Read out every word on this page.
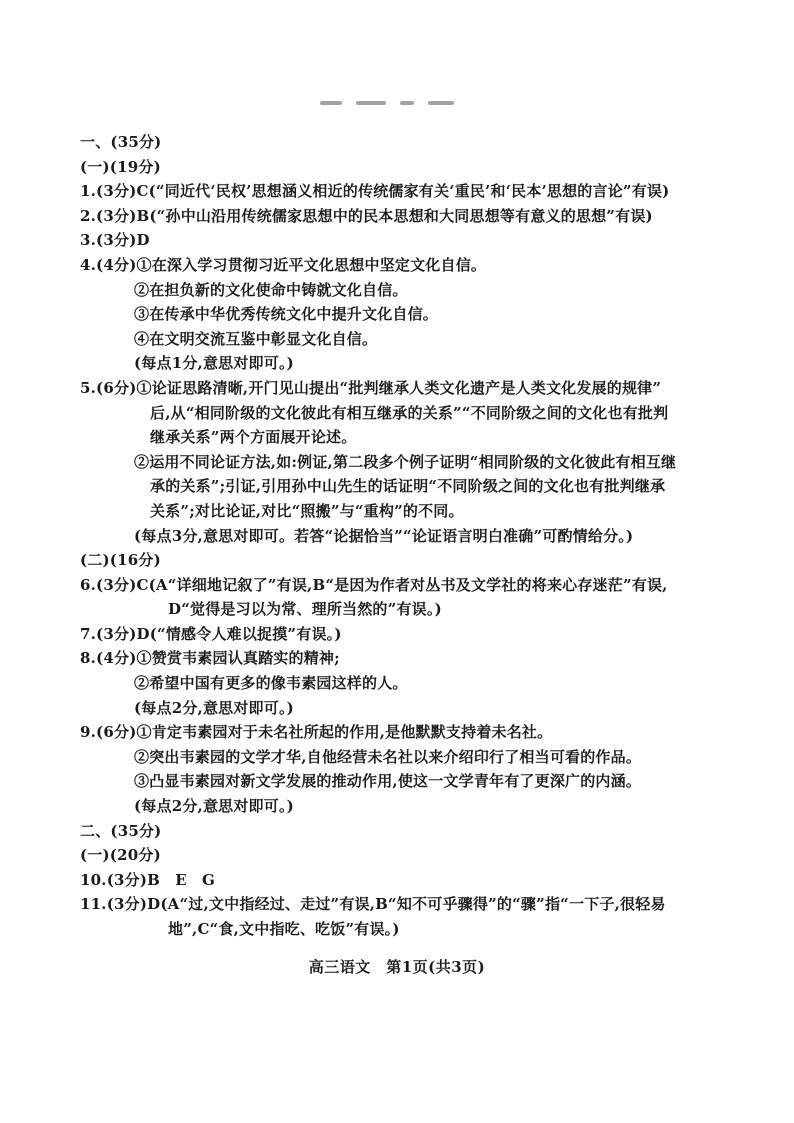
一、(35分)
(一)(19分)
1.(3分)C(“同近代‘民权’思想涵义相近的传统儒家有关‘重民’和‘民本’思想的言论”有误)
2.(3分)B(“孙中山沿用传统儒家思想中的民本思想和大同思想等有意义的思想”有误)
3.(3分)D
4.(4分)①在深入学习贯彻习近平文化思想中坚定文化自信。
②在担负新的文化使命中铸就文化自信。
③在传承中华优秀传统文化中提升文化自信。
④在文明交流互鉴中彰显文化自信。
(每点1分,意思对即可。)
5.(6分)①论证思路清晰,开门见山提出“批判继承人类文化遗产是人类文化发展的规律”
后,从“相同阶级的文化彼此有相互继承的关系”“不同阶级之间的文化也有批判
继承关系”两个方面展开论述。
②运用不同论证方法,如:例证,第二段多个例子证明“相同阶级的文化彼此有相互继
承的关系”;引证,引用孙中山先生的话证明“不同阶级之间的文化也有批判继承
关系”;对比论证,对比“照搬”与“重构”的不同。
(每点3分,意思对即可。若答“论据恰当”“论证语言明白准确”可酌情给分。)
(二)(16分)
6.(3分)C(A“详细地记叙了”有误,B“是因为作者对丛书及文学社的将来心存迷茫”有误,
D“觉得是习以为常、理所当然的”有误。)
7.(3分)D(“情感令人难以捉摸”有误。)
8.(4分)①赞赏韦素园认真踏实的精神;
②希望中国有更多的像韦素园这样的人。
(每点2分,意思对即可。)
9.(6分)①肯定韦素园对于未名社所起的作用,是他默默支持着未名社。
②突出韦素园的文学才华,自他经营未名社以来介绍印行了相当可看的作品。
③凸显韦素园对新文学发展的推动作用,使这一文学青年有了更深广的内涵。
(每点2分,意思对即可。)
二、(35分)
(一)(20分)
10.(3分)B　E　G
11.(3分)D(A“过,文中指经过、走过”有误,B“知不可乎骤得”的“骤”指“一下子,很轻易
地”,C“食,文中指吃、吃饭”有误。)
高三语文　第1页(共3页)
